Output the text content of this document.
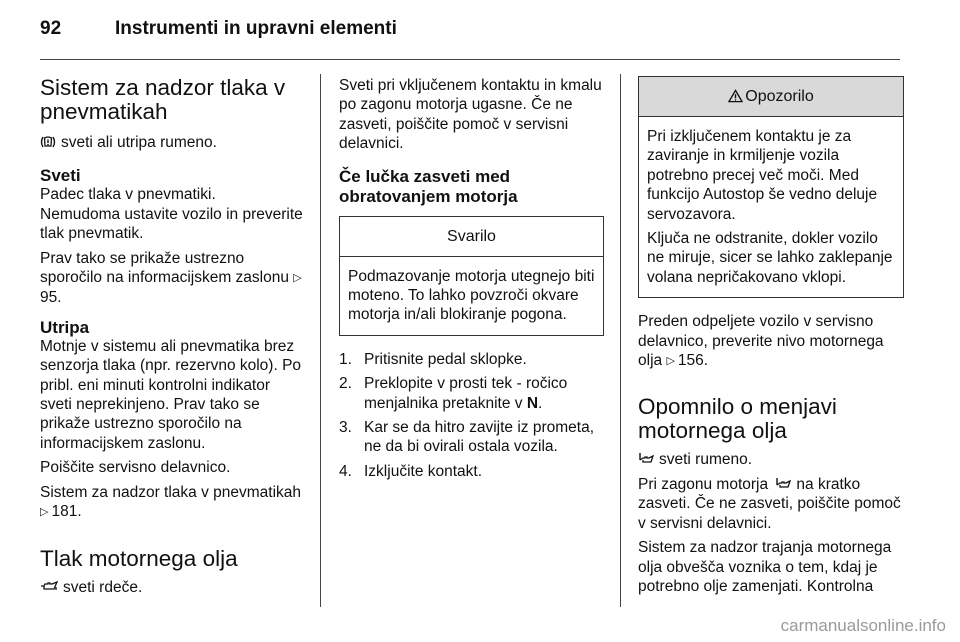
92	Instrumenti in upravni elementi
Sistem za nadzor tlaka v pnevmatikah

sveti ali utripa rumeno.

Sveti
Padec tlaka v pnevmatiki.

Nemudoma ustavite vozilo in preverite tlak pnevmatik.

Prav tako se prikaže ustrezno sporočilo na informacijskem zaslonu ▷95.

Utripa

Motnje v sistemu ali pnevmatika brez senzorja tlaka (npr. rezervno kolo). Po pribl. eni minuti kontrolni indikator sveti neprekinjeno. Prav tako se prikaže ustrezno sporočilo na informacijskem zaslonu.

Poiščite servisno delavnico.

Sistem za nadzor tlaka v pnevmatikah ▷ 181.

Tlak motornega olja

sveti rdeče.

Sveti pri vključenem kontaktu in kmalu po zagonu motorja ugasne. Če ne zasveti, poiščite pomoč v servisni delavnici.

Če lučka zasveti med obratovanjem motorja
Svarilo

Podmazovanje motorja utegnejo biti moteno. To lahko povzroči okvare motorja in/ali blokiranje pogona.

1. Pritisnite pedal sklopke.
2. Preklopite v prosti tek - ročico menjalnika pretaknite v N.
3. Kar se da hitro zavijte iz prometa, ne da bi ovirali ostala vozila.
4. Izključite kontakt.
Opozorilo

Pri izključenem kontaktu je za zaviranje in krmiljenje vozila potrebno precej več moči. Med funkcijo Autostop še vedno deluje servozavora.

Ključa ne odstranite, dokler vozilo ne miruje, sicer se lahko zaklepanje volana nepričakovano vklopi.

Preden odpeljete vozilo v servisno delavnico, preverite nivo motornega olja ▷ 156.

Opomnilo o menjavi motornega olja

sveti rumeno.

Pri zagonu motorja na kratko zasveti. Če ne zasveti, poiščite pomoč v servisni delavnici.

Sistem za nadzor trajanja motornega olja obvešča voznika o tem, kdaj je potrebno olje zamenjati. Kontrolna

carmanualsonline.info
